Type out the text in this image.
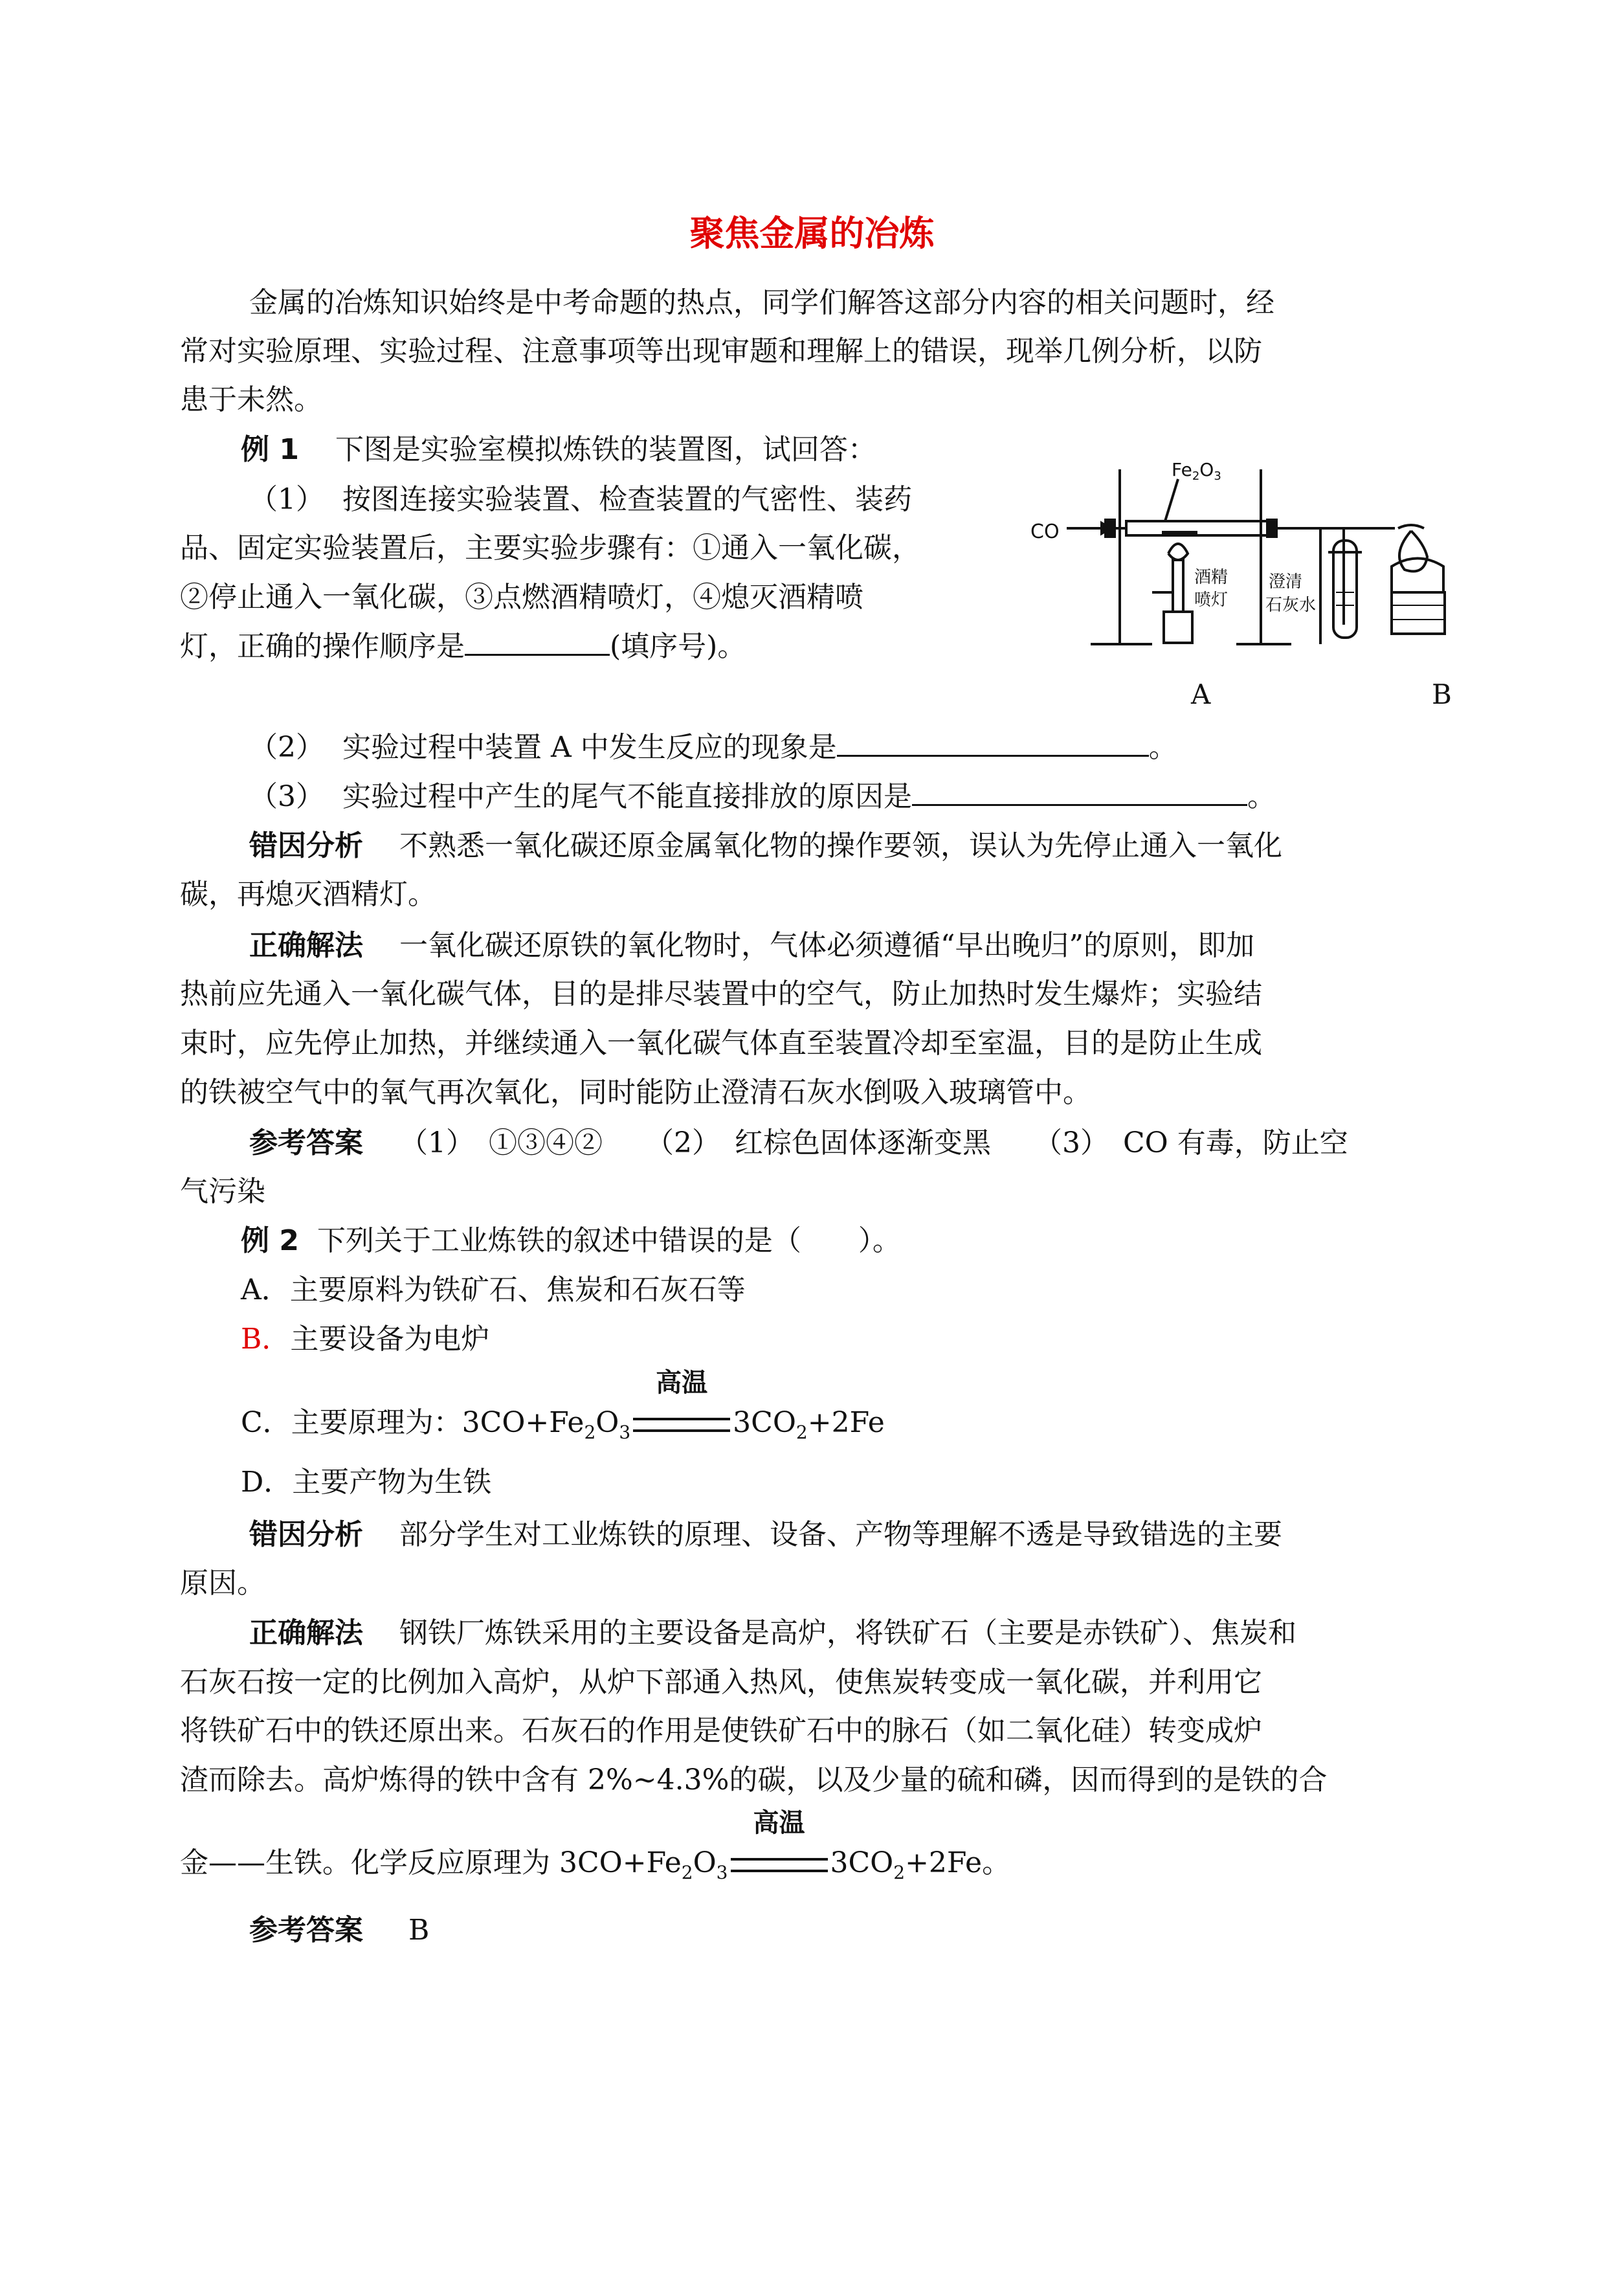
聚焦金属的冶炼
金属的冶炼知识始终是中考命题的热点，同学们解答这部分内容的相关问题时，经
常对实验原理、实验过程、注意事项等出现审题和理解上的错误，现举几例分析，以防
患于未然。
例 1 下图是实验室模拟炼铁的装置图，试回答：
（1） 按图连接实验装置、检查装置的气密性、装药
品、固定实验装置后，主要实验步骤有：①通入一氧化碳，
②停止通入一氧化碳，③点燃酒精喷灯，④熄灭酒精喷
灯，正确的操作顺序是	(填序号)。
CO
$Fe_2O_3$
酒精
喷灯
澄清
石灰水
A	B
（2） 实验过程中装置 A 中发生反应的现象是	。
（3） 实验过程中产生的尾气不能直接排放的原因是	。
错因分析 不熟悉一氧化碳还原金属氧化物的操作要领，误认为先停止通入一氧化
碳，再熄灭酒精灯。
正确解法 一氧化碳还原铁的氧化物时，气体必须遵循“早出晚归”的原则，即加
热前应先通入一氧化碳气体，目的是排尽装置中的空气，防止加热时发生爆炸；实验结
束时，应先停止加热，并继续通入一氧化碳气体直至装置冷却至室温，目的是防止生成
的铁被空气中的氧气再次氧化，同时能防止澄清石灰水倒吸入玻璃管中。
参考答案 （1）　①③④②　　（2）　红棕色固体逐渐变黑　　（3）　CO 有毒，防止空
气污染
例 2 下列关于工业炼铁的叙述中错误的是（　　）。
A．主要原料为铁矿石、焦炭和石灰石等
B．主要设备为电炉
C．主要原理为：$3CO+Fe_2O_3$
高温
$3CO_2+2Fe$
D．主要产物为生铁
错因分析 部分学生对工业炼铁的原理、设备、产物等理解不透是导致错选的主要
原因。
正确解法 钢铁厂炼铁采用的主要设备是高炉，将铁矿石（主要是赤铁矿）、焦炭和
石灰石按一定的比例加入高炉，从炉下部通入热风，使焦炭转变成一氧化碳，并利用它
将铁矿石中的铁还原出来。石灰石的作用是使铁矿石中的脉石（如二氧化硅）转变成炉
渣而除去。高炉炼得的铁中含有 2%~4.3%的碳，以及少量的硫和磷，因而得到的是铁的合
金——生铁。化学反应原理为 $3CO+Fe_2O_3$
高温
$3CO_2+2Fe$。
参考答案 B
